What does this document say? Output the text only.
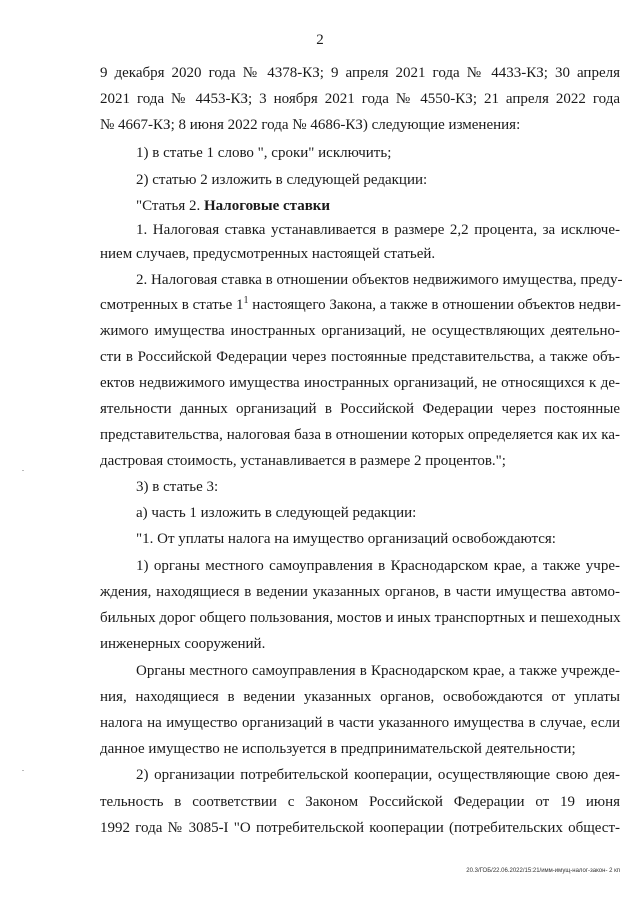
2
9 декабря 2020 года № 4378-КЗ; 9 апреля 2021 года № 4433-КЗ; 30 апреля
2021 года № 4453-КЗ; 3 ноября 2021 года № 4550-КЗ; 21 апреля 2022 года
№ 4667-КЗ; 8 июня 2022 года № 4686-КЗ) следующие изменения:
1) в статье 1 слово ", сроки" исключить;
2) статью 2 изложить в следующей редакции:
"Статья 2. Налоговые ставки
1. Налоговая ставка устанавливается в размере 2,2 процента, за исключе-
нием случаев, предусмотренных настоящей статьей.
2. Налоговая ставка в отношении объектов недвижимого имущества, преду-
смотренных в статье $1^1$ настоящего Закона, а также в отношении объектов недви-
жимого имущества иностранных организаций, не осуществляющих деятельно-
сти в Российской Федерации через постоянные представительства, а также объ-
ектов недвижимого имущества иностранных организаций, не относящихся к де-
ятельности данных организаций в Российской Федерации через постоянные
представительства, налоговая база в отношении которых определяется как их ка-
дастровая стоимость, устанавливается в размере 2 процентов.";
3) в статье 3:
а) часть 1 изложить в следующей редакции:
"1. От уплаты налога на имущество организаций освобождаются:
1) органы местного самоуправления в Краснодарском крае, а также учре-
ждения, находящиеся в ведении указанных органов, в части имущества автомо-
бильных дорог общего пользования, мостов и иных транспортных и пешеходных
инженерных сооружений.
Органы местного самоуправления в Краснодарском крае, а также учрежде-
ния, находящиеся в ведении указанных органов, освобождаются от уплаты
налога на имущество организаций в части указанного имущества в случае, если
данное имущество не используется в предпринимательской деятельности;
2) организации потребительской кооперации, осуществляющие свою дея-
тельность в соответствии с Законом Российской Федерации от 19 июня
1992 года № 3085-I "О потребительской кооперации (потребительских общест-
20.3/ГОБ/22.06.2022/15:21/имм-имущ-налог-закон- 2 кп
